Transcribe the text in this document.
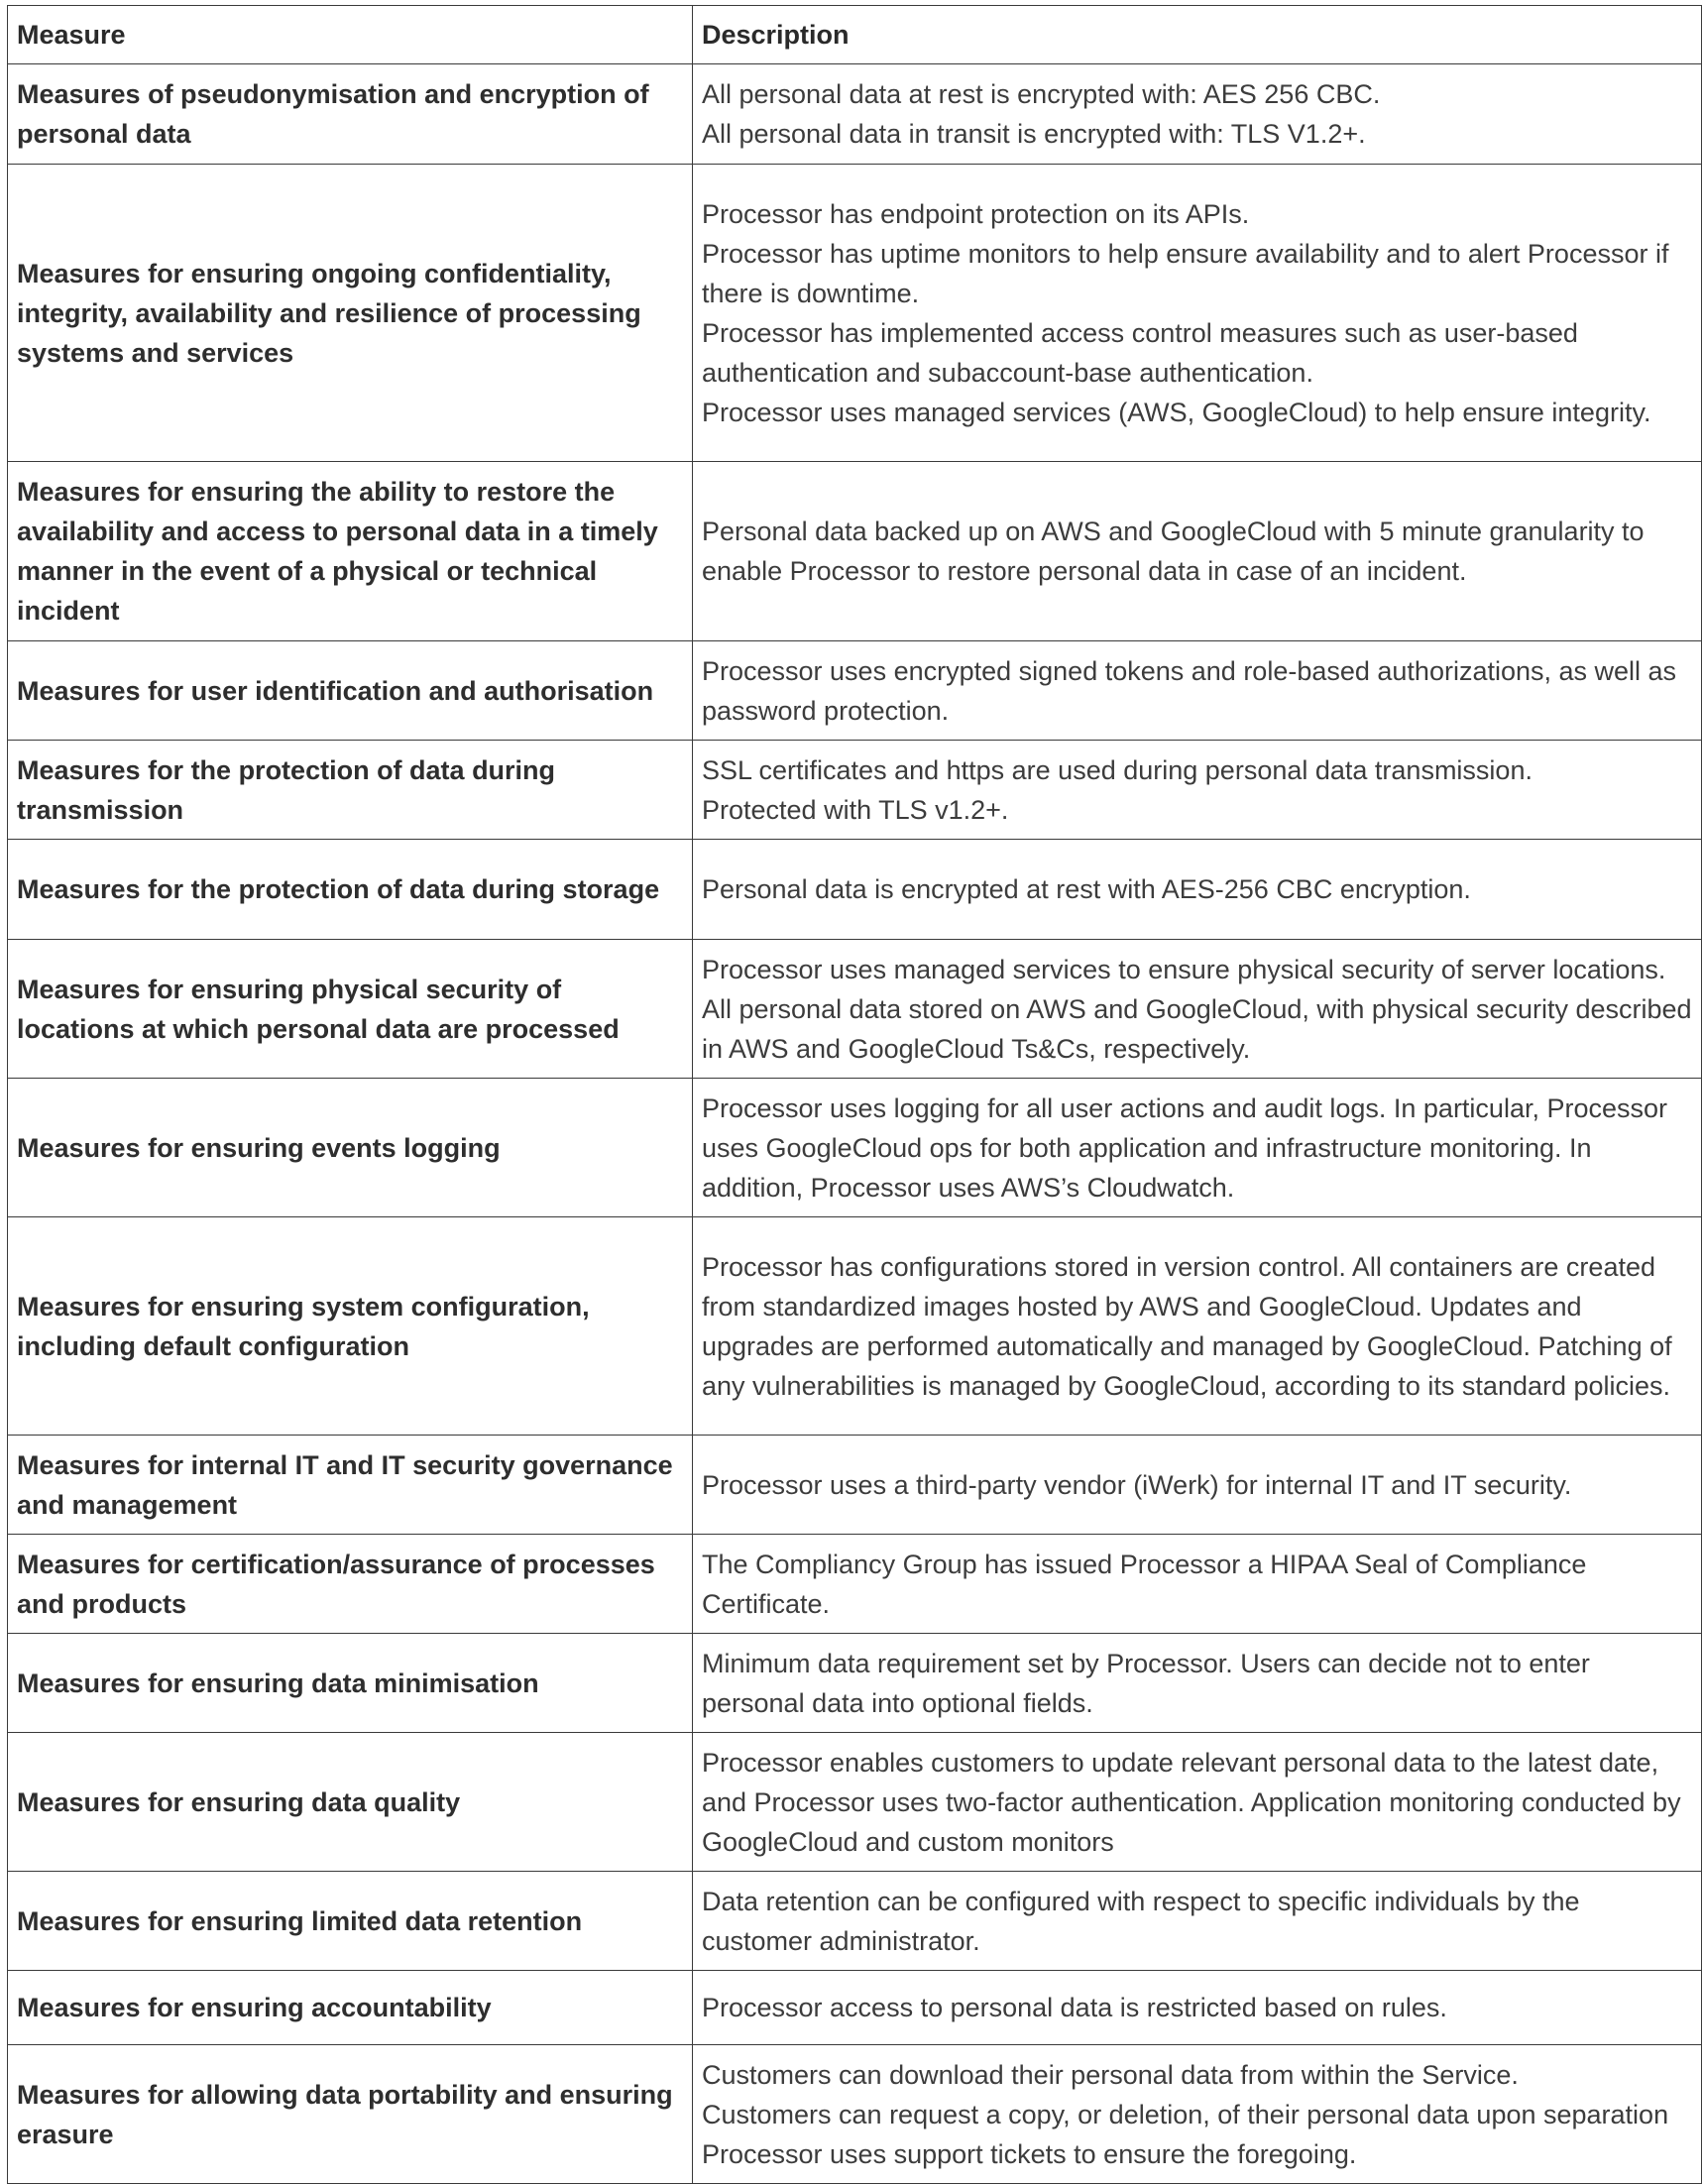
Measure	Description
Measures of pseudonymisation and encryption of personal data	All personal data at rest is encrypted with: AES 256 CBC.
All personal data in transit is encrypted with: TLS V1.2+.

Measures for ensuring ongoing confidentiality, integrity, availability and resilience of processing systems and services	Processor has endpoint protection on its APIs.
Processor has uptime monitors to help ensure availability and to alert Processor if there is downtime.
Processor has implemented access control measures such as user-based authentication and subaccount-base authentication.
Processor uses managed services (AWS, GoogleCloud) to help ensure integrity.

Measures for ensuring the ability to restore the availability and access to personal data in a timely manner in the event of a physical or technical incident	Personal data backed up on AWS and GoogleCloud with 5 minute granularity to enable Processor to restore personal data in case of an incident.

Measures for user identification and authorisation	Processor uses encrypted signed tokens and role-based authorizations, as well as password protection.

Measures for the protection of data during transmission	SSL certificates and https are used during personal data transmission.
Protected with TLS v1.2+.

Measures for the protection of data during storage	Personal data is encrypted at rest with AES-256 CBC encryption.

Measures for ensuring physical security of locations at which personal data are processed	Processor uses managed services to ensure physical security of server locations. All personal data stored on AWS and GoogleCloud, with physical security described in AWS and GoogleCloud Ts&Cs, respectively.

Measures for ensuring events logging	Processor uses logging for all user actions and audit logs. In particular, Processor uses GoogleCloud ops for both application and infrastructure monitoring. In addition, Processor uses AWS’s Cloudwatch.

Measures for ensuring system configuration, including default configuration	Processor has configurations stored in version control. All containers are created from standardized images hosted by AWS and GoogleCloud. Updates and upgrades are performed automatically and managed by GoogleCloud. Patching of any vulnerabilities is managed by GoogleCloud, according to its standard policies.

Measures for internal IT and IT security governance and management	Processor uses a third-party vendor (iWerk) for internal IT and IT security.

Measures for certification/assurance of processes and products	The Compliancy Group has issued Processor a HIPAA Seal of Compliance Certificate.

Measures for ensuring data minimisation	Minimum data requirement set by Processor. Users can decide not to enter personal data into optional fields.

Measures for ensuring data quality	Processor enables customers to update relevant personal data to the latest date, and Processor uses two-factor authentication. Application monitoring conducted by GoogleCloud and custom monitors

Measures for ensuring limited data retention	Data retention can be configured with respect to specific individuals by the customer administrator.

Measures for ensuring accountability	Processor access to personal data is restricted based on rules.

Measures for allowing data portability and ensuring erasure	Customers can download their personal data from within the Service.
Customers can request a copy, or deletion, of their personal data upon separation Processor uses support tickets to ensure the foregoing.
